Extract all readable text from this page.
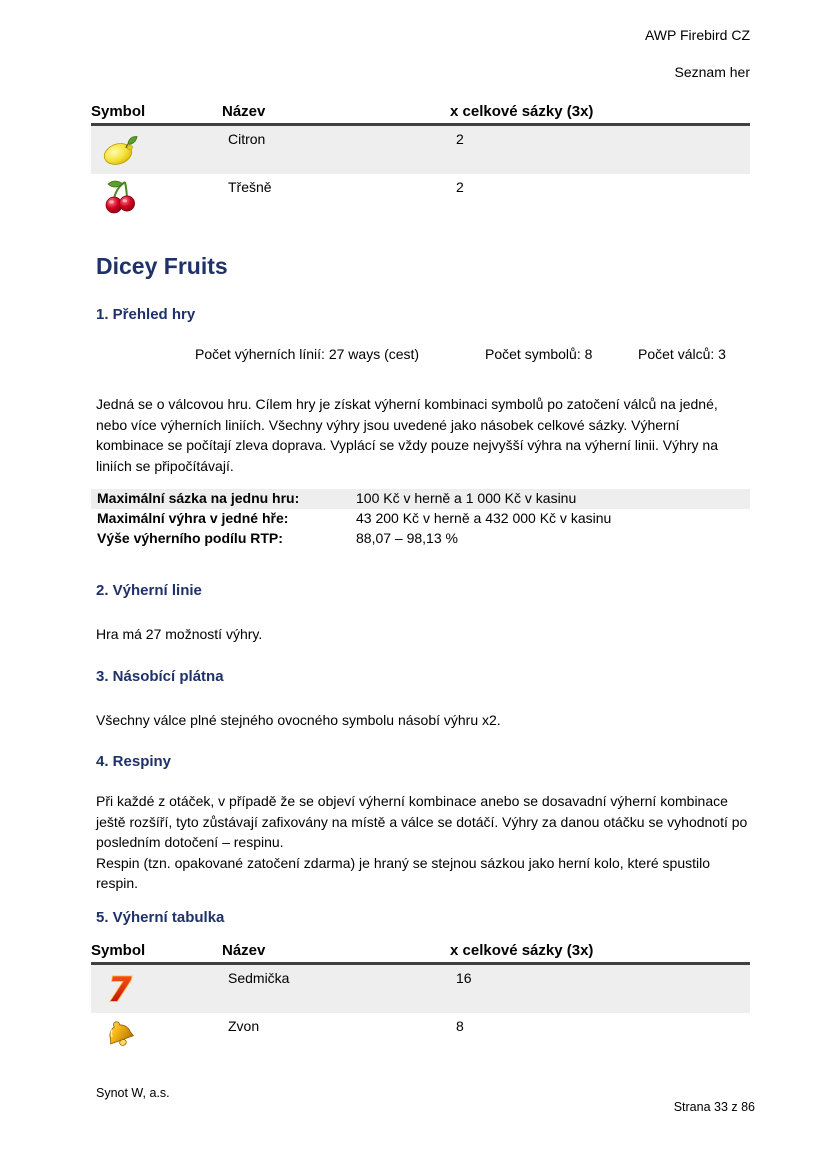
AWP Firebird CZ
Seznam her
Symbol	Název	x celkové sázky (3x)
	Citron	2
	Třešně	2
Dicey Fruits
1. Přehled hry
Počet výherních línií: 27 ways (cest)	Počet symbolů: 8	Počet válců: 3

Jedná se o válcovou hru. Cílem hry je získat výherní kombinaci symbolů po zatočení válců na jedné, nebo více výherních liniích. Všechny výhry jsou uvedené jako násobek celkové sázky. Výherní kombinace se počítají zleva doprava. Vyplácí se vždy pouze nejvyšší výhra na výherní linii. Výhry na liniích se připočítávají.

Maximální sázka na jednu hru:	100 Kč v herně a 1 000 Kč v kasinu
Maximální výhra v jedné hře:	43 200 Kč v herně a 432 000 Kč v kasinu
Výše výherního podílu RTP:	88,07 – 98,13 %
2. Výherní linie

Hra má 27 možností výhry.

3. Násobící plátna

Všechny válce plné stejného ovocného symbolu násobí výhru x2.

4. Respiny
Při každé z otáček, v případě že se objeví výherní kombinace anebo se dosavadní výherní kombinace ještě rozšíří, tyto zůstávají zafixovány na místě a válce se dotáčí. Výhry za danou otáčku se vyhodnotí po posledním dotočení – respinu.
Respin (tzn. opakované zatočení zdarma) je hraný se stejnou sázkou jako herní kolo, které spustilo respin.
5. Výherní tabulka
Symbol	Název	x celkové sázky (3x)

7	Sedmička	16
	Zvon	8
Synot W, a.s.
Strana 33 z 86
